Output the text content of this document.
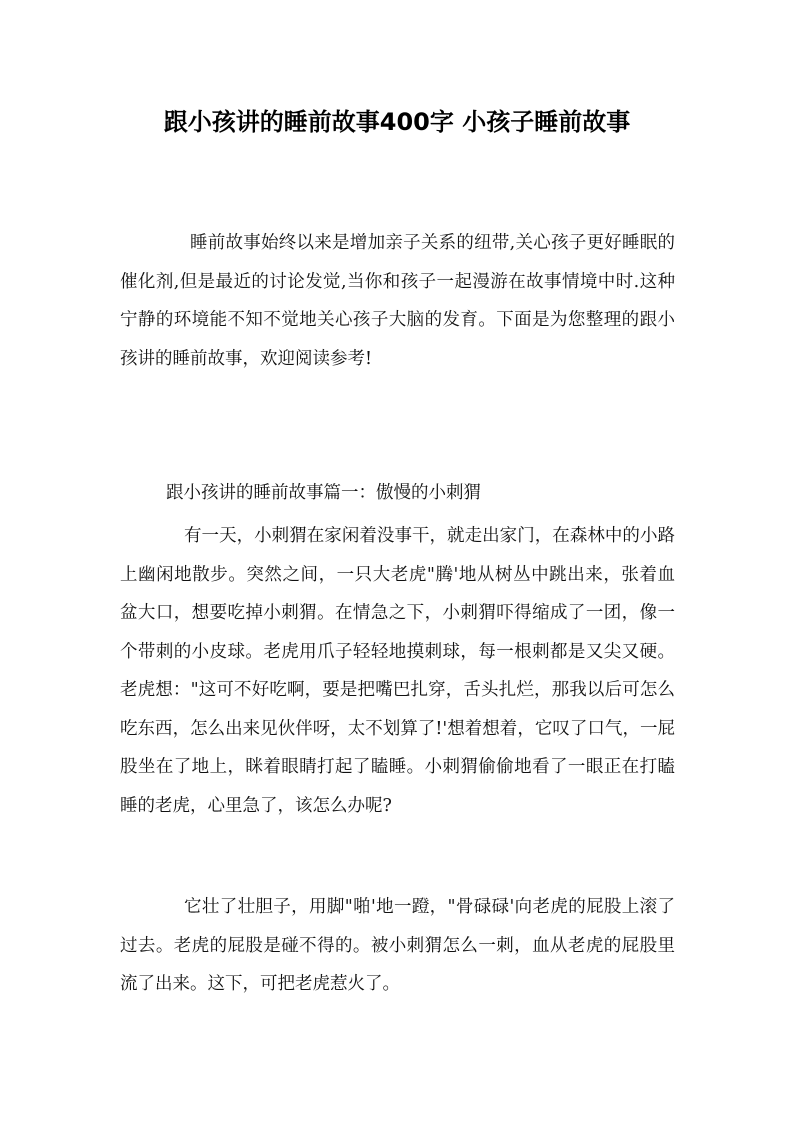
跟小孩讲的睡前故事400字 小孩子睡前故事

睡前故事始终以来是增加亲子关系的纽带,关心孩子更好睡眠的催化剂,但是最近的讨论发觉,当你和孩子一起漫游在故事情境中时.这种宁静的环境能不知不觉地关心孩子大脑的发育。下面是为您整理的跟小孩讲的睡前故事，欢迎阅读参考!

跟小孩讲的睡前故事篇一：傲慢的小刺猬

有一天，小刺猬在家闲着没事干，就走出家门，在森林中的小路上幽闲地散步。突然之间，一只大老虎"腾'地从树丛中跳出来，张着血盆大口，想要吃掉小刺猬。在情急之下，小刺猬吓得缩成了一团，像一个带刺的小皮球。老虎用爪子轻轻地摸刺球，每一根刺都是又尖又硬。老虎想："这可不好吃啊，要是把嘴巴扎穿，舌头扎烂，那我以后可怎么吃东西，怎么出来见伙伴呀，太不划算了!'想着想着，它叹了口气，一屁股坐在了地上，眯着眼睛打起了瞌睡。小刺猬偷偷地看了一眼正在打瞌睡的老虎，心里急了，该怎么办呢?

它壮了壮胆子，用脚"啪'地一蹬，"骨碌碌'向老虎的屁股上滚了过去。老虎的屁股是碰不得的。被小刺猬怎么一刺，血从老虎的屁股里流了出来。这下，可把老虎惹火了。
